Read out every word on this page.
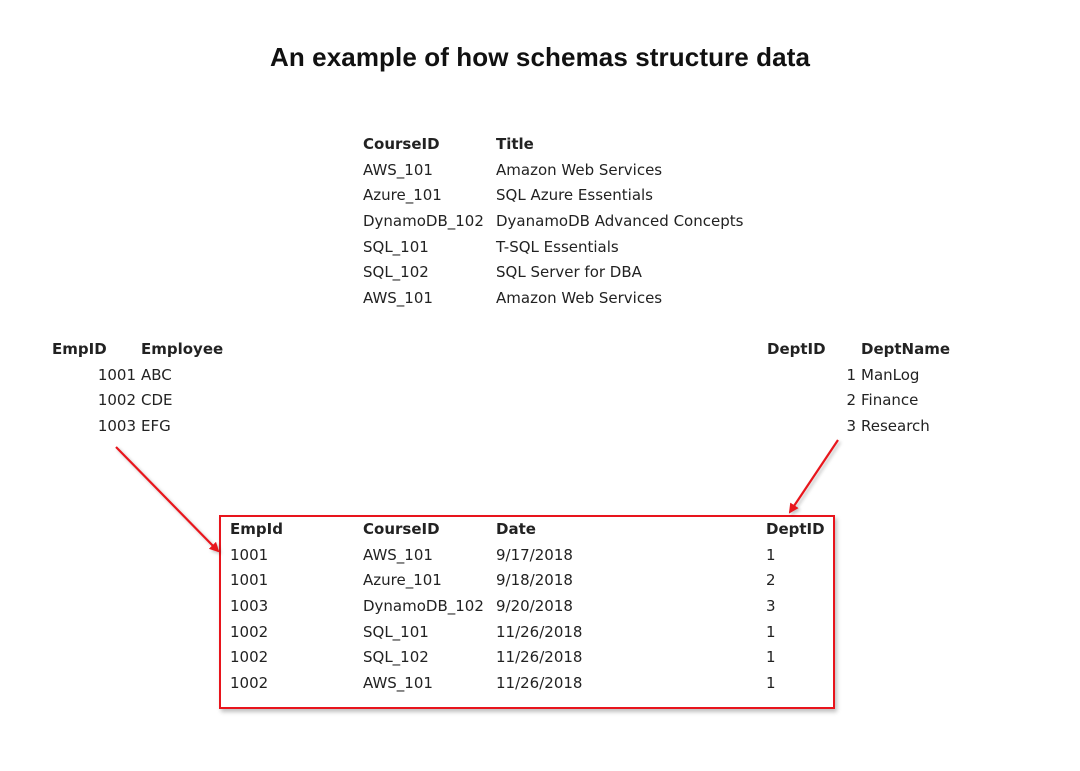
An example of how schemas structure data
CourseID	Title
AWS_101	Amazon Web Services
Azure_101	SQL Azure Essentials
DynamoDB_102 DyanamoDB Advanced Concepts
SQL_101	T-SQL Essentials
SQL_102	SQL Server for DBA
AWS_101	Amazon Web Services
EmpID Employee
1001 ABC
1002 CDE
1003 EFG
DeptID DeptName
1 ManLog
2 Finance
3 Research
EmpId	CourseID	Date	DeptID
1001	AWS_101	9/17/2018	1
1001	Azure_101	9/18/2018	2
1003	DynamoDB_102 9/20/2018	3
1002	SQL_101	11/26/2018	1
1002	SQL_102	11/26/2018	1
1002	AWS_101	11/26/2018	1
